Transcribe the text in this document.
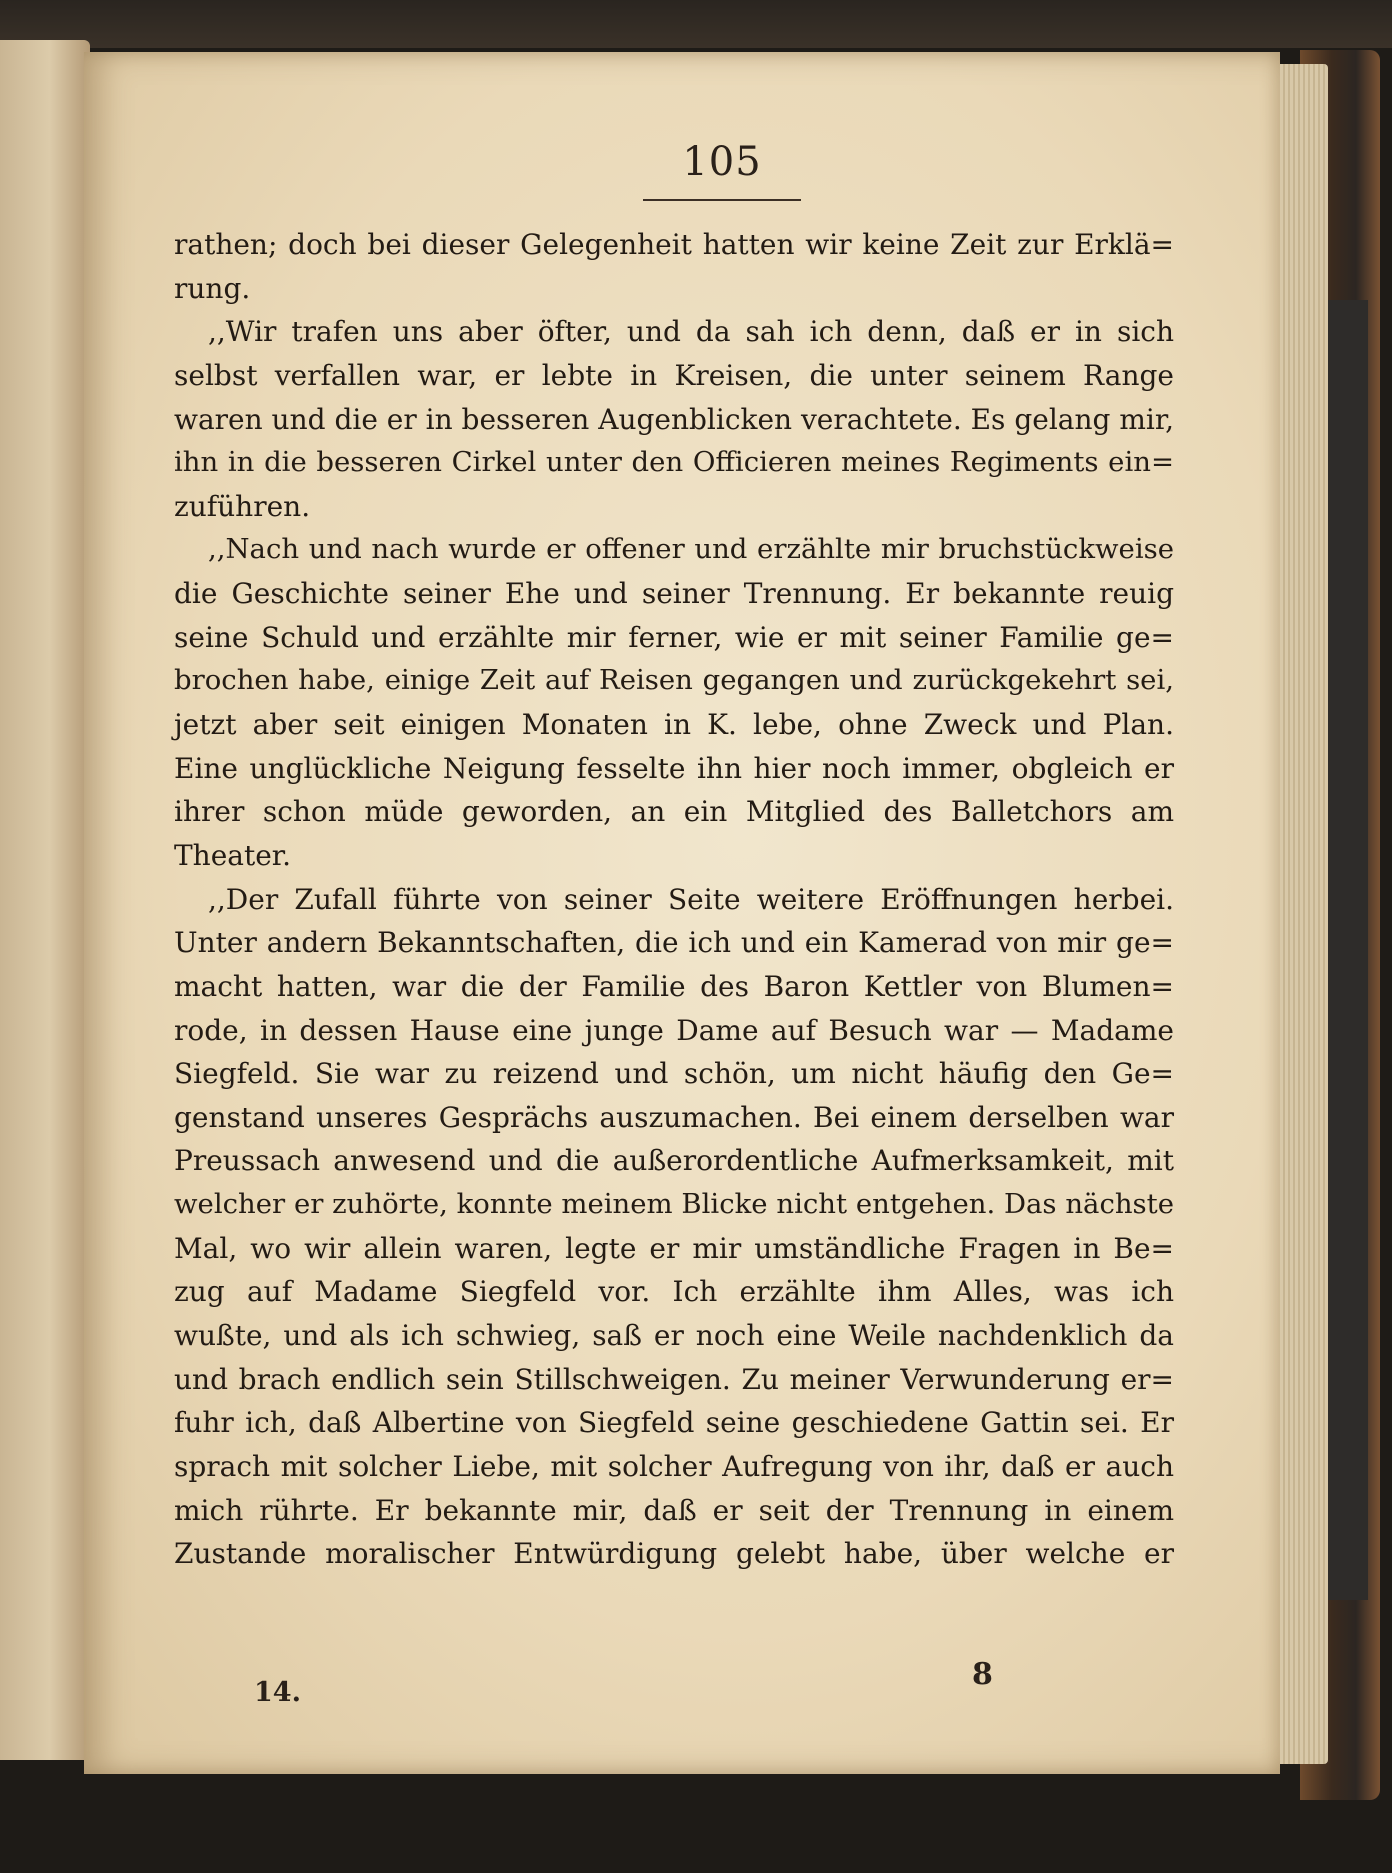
105
rathen; doch bei dieser Gelegenheit hatten wir keine Zeit zur Erklä=
rung.
,,Wir trafen uns aber öfter, und da sah ich denn, daß er in sich
selbst verfallen war, er lebte in Kreisen, die unter seinem Range
waren und die er in besseren Augenblicken verachtete. Es gelang mir,
ihn in die besseren Cirkel unter den Officieren meines Regiments ein=
zuführen.
,,Nach und nach wurde er offener und erzählte mir bruchstückweise
die Geschichte seiner Ehe und seiner Trennung. Er bekannte reuig
seine Schuld und erzählte mir ferner, wie er mit seiner Familie ge=
brochen habe, einige Zeit auf Reisen gegangen und zurückgekehrt sei,
jetzt aber seit einigen Monaten in K. lebe, ohne Zweck und Plan.
Eine unglückliche Neigung fesselte ihn hier noch immer, obgleich er
ihrer schon müde geworden, an ein Mitglied des Balletchors am
Theater.
,,Der Zufall führte von seiner Seite weitere Eröffnungen herbei.
Unter andern Bekanntschaften, die ich und ein Kamerad von mir ge=
macht hatten, war die der Familie des Baron Kettler von Blumen=
rode, in dessen Hause eine junge Dame auf Besuch war — Madame
Siegfeld. Sie war zu reizend und schön, um nicht häufig den Ge=
genstand unseres Gesprächs auszumachen. Bei einem derselben war
Preussach anwesend und die außerordentliche Aufmerksamkeit, mit
welcher er zuhörte, konnte meinem Blicke nicht entgehen. Das nächste
Mal, wo wir allein waren, legte er mir umständliche Fragen in Be=
zug auf Madame Siegfeld vor. Ich erzählte ihm Alles, was ich
wußte, und als ich schwieg, saß er noch eine Weile nachdenklich da
und brach endlich sein Stillschweigen. Zu meiner Verwunderung er=
fuhr ich, daß Albertine von Siegfeld seine geschiedene Gattin sei. Er
sprach mit solcher Liebe, mit solcher Aufregung von ihr, daß er auch
mich rührte. Er bekannte mir, daß er seit der Trennung in einem
Zustande moralischer Entwürdigung gelebt habe, über welche er
14.
8
